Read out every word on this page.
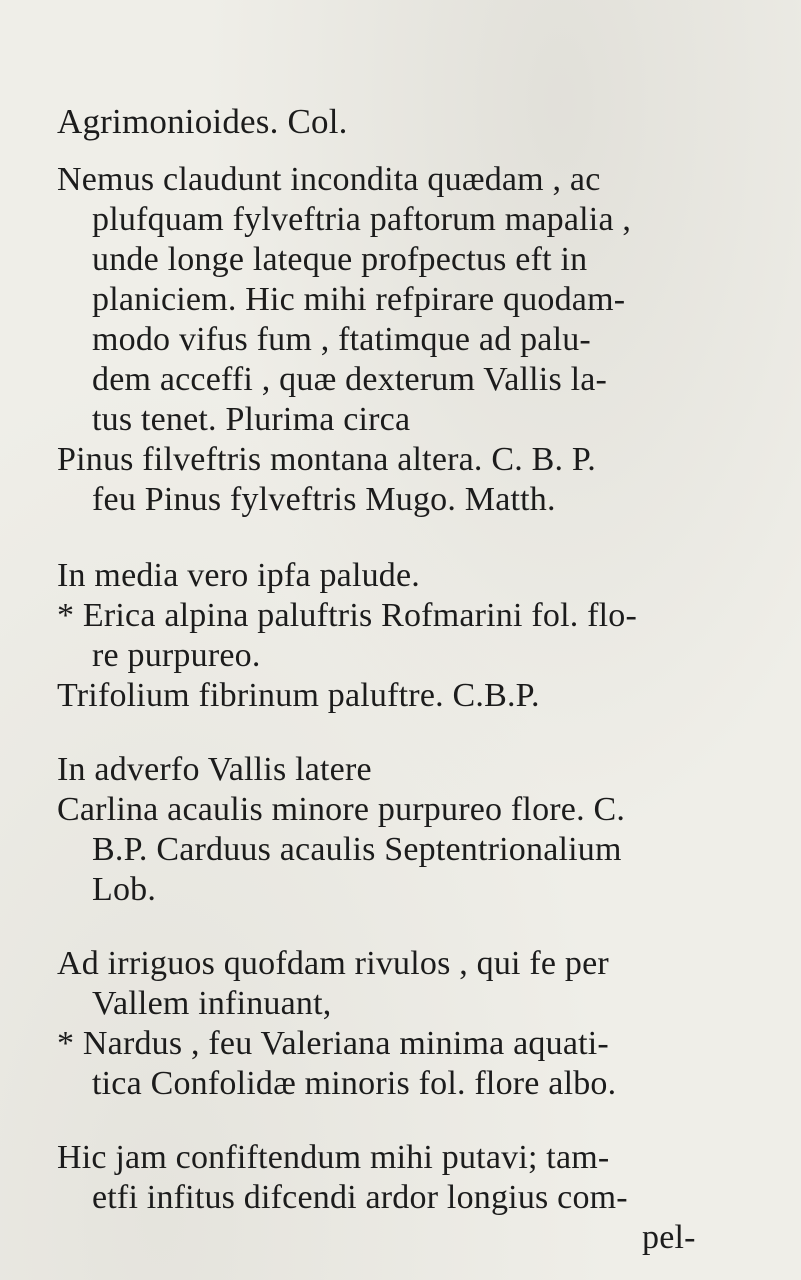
Agrimonioides. Col.
Nemus claudunt incondita quædam , ac
plufquam fylveftria paftorum mapalia ,
unde longe lateque profpectus eft in
planiciem. Hic mihi refpirare quodam-
modo vifus fum , ftatimque ad palu-
dem acceffi , quæ dexterum Vallis la-
tus tenet. Plurima circa
Pinus filveftris montana altera. C. B. P.
feu Pinus fylveftris Mugo. Matth.
In media vero ipfa palude.
* Erica alpina paluftris Rofmarini fol. flo-
re purpureo.
Trifolium fibrinum paluftre. C.B.P.
In adverfo Vallis latere
Carlina acaulis minore purpureo flore. C.
B.P. Carduus acaulis Septentrionalium
Lob.
Ad irriguos quofdam rivulos , qui fe per
Vallem infinuant,
* Nardus , feu Valeriana minima aquati-
tica Confolidæ minoris fol. flore albo.
Hic jam confiftendum mihi putavi; tam-
etfi infitus difcendi ardor longius com-
pel-
